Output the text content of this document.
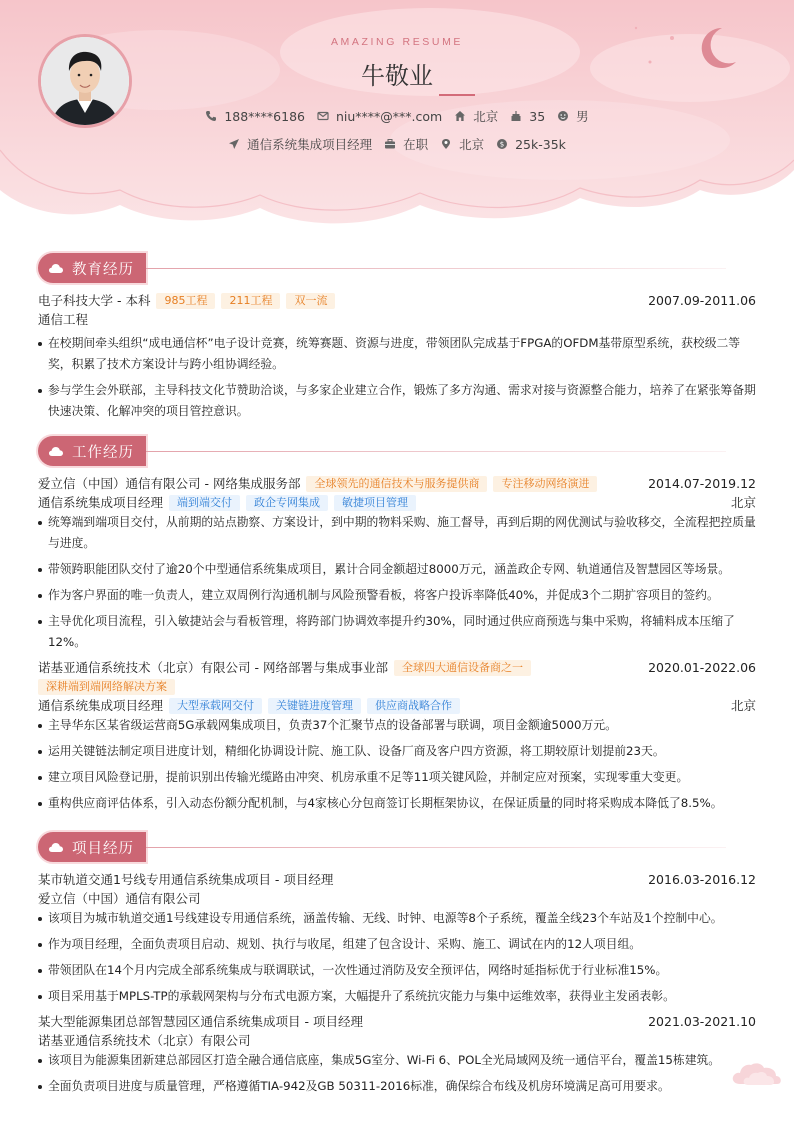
AMAZING RESUME
牛敬业
188****6186 niu****@***.com 北京 35 男
通信系统集成项目经理 在职 北京 $ 25k-35k
教育经历
电子科技大学 - 本科	985工程	211工程	双一流	2007.09-2011.06
通信工程
在校期间牵头组织“成电通信杯”电子设计竞赛，统筹赛题、资源与进度，带领团队完成基于FPGA的OFDM基带原型系统，获校级二等奖，积累了技术方案设计与跨小组协调经验。
参与学生会外联部，主导科技文化节赞助洽谈，与多家企业建立合作，锻炼了多方沟通、需求对接与资源整合能力，培养了在紧张筹备期快速决策、化解冲突的项目管控意识。
工作经历
爱立信（中国）通信有限公司 - 网络集成服务部	全球领先的通信技术与服务提供商	专注移动网络演进	2014.07-2019.12
通信系统集成项目经理	端到端交付	政企专网集成	敏捷项目管理	北京
统筹端到端项目交付，从前期的站点勘察、方案设计，到中期的物料采购、施工督导，再到后期的网优测试与验收移交，全流程把控质量与进度。
带领跨职能团队交付了逾20个中型通信系统集成项目，累计合同金额超过8000万元，涵盖政企专网、轨道通信及智慧园区等场景。
作为客户界面的唯一负责人，建立双周例行沟通机制与风险预警看板，将客户投诉率降低40%，并促成3个二期扩容项目的签约。
主导优化项目流程，引入敏捷站会与看板管理，将跨部门协调效率提升约30%，同时通过供应商预选与集中采购，将辅料成本压缩了12%。
诺基亚通信系统技术（北京）有限公司 - 网络部署与集成事业部	全球四大通信设备商之一	2020.01-2022.06
深耕端到端网络解决方案
通信系统集成项目经理	大型承载网交付	关键链进度管理	供应商战略合作	北京
主导华东区某省级运营商5G承载网集成项目，负责37个汇聚节点的设备部署与联调，项目金额逾5000万元。
运用关键链法制定项目进度计划，精细化协调设计院、施工队、设备厂商及客户四方资源，将工期较原计划提前23天。
建立项目风险登记册，提前识别出传输光缆路由冲突、机房承重不足等11项关键风险，并制定应对预案，实现零重大变更。
重构供应商评估体系，引入动态份额分配机制，与4家核心分包商签订长期框架协议，在保证质量的同时将采购成本降低了8.5%。
项目经历
某市轨道交通1号线专用通信系统集成项目 - 项目经理	2016.03-2016.12
爱立信（中国）通信有限公司
该项目为城市轨道交通1号线建设专用通信系统，涵盖传输、无线、时钟、电源等8个子系统，覆盖全线23个车站及1个控制中心。
作为项目经理，全面负责项目启动、规划、执行与收尾，组建了包含设计、采购、施工、调试在内的12人项目组。
带领团队在14个月内完成全部系统集成与联调联试，一次性通过消防及安全预评估，网络时延指标优于行业标准15%。
项目采用基于MPLS-TP的承载网架构与分布式电源方案，大幅提升了系统抗灾能力与集中运维效率，获得业主发函表彰。
某大型能源集团总部智慧园区通信系统集成项目 - 项目经理	2021.03-2021.10
诺基亚通信系统技术（北京）有限公司
该项目为能源集团新建总部园区打造全融合通信底座，集成5G室分、Wi-Fi 6、POL全光局域网及统一通信平台，覆盖15栋建筑。
全面负责项目进度与质量管理，严格遵循TIA-942及GB 50311-2016标准，确保综合布线及机房环境满足高可用要求。
